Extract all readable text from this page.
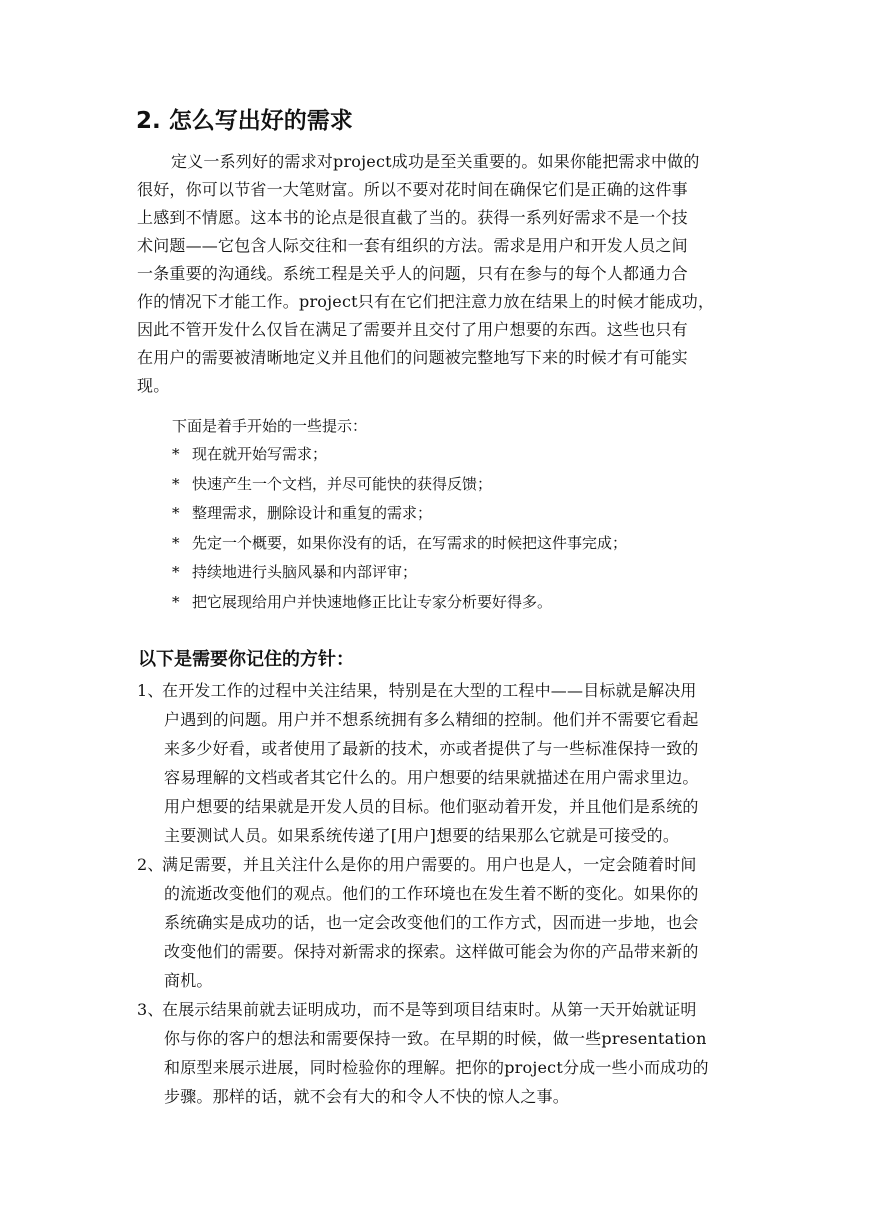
2. 怎么写出好的需求
定义一系列好的需求对project成功是至关重要的。如果你能把需求中做的
很好，你可以节省一大笔财富。所以不要对花时间在确保它们是正确的这件事
上感到不情愿。这本书的论点是很直截了当的。获得一系列好需求不是一个技
术问题——它包含人际交往和一套有组织的方法。需求是用户和开发人员之间
一条重要的沟通线。系统工程是关乎人的问题，只有在参与的每个人都通力合
作的情况下才能工作。project只有在它们把注意力放在结果上的时候才能成功，
因此不管开发什么仅旨在满足了需要并且交付了用户想要的东西。这些也只有
在用户的需要被清晰地定义并且他们的问题被完整地写下来的时候才有可能实
现。
下面是着手开始的一些提示：
* 现在就开始写需求；
* 快速产生一个文档，并尽可能快的获得反馈；
* 整理需求，删除设计和重复的需求；
* 先定一个概要，如果你没有的话，在写需求的时候把这件事完成；
* 持续地进行头脑风暴和内部评审；
* 把它展现给用户并快速地修正比让专家分析要好得多。
以下是需要你记住的方针：
1、
在开发工作的过程中关注结果，特别是在大型的工程中——目标就是解决用
户遇到的问题。用户并不想系统拥有多么精细的控制。他们并不需要它看起
来多少好看，或者使用了最新的技术，亦或者提供了与一些标准保持一致的
容易理解的文档或者其它什么的。用户想要的结果就描述在用户需求里边。
用户想要的结果就是开发人员的目标。他们驱动着开发，并且他们是系统的
主要测试人员。如果系统传递了[用户]想要的结果那么它就是可接受的。
2、
满足需要，并且关注什么是你的用户需要的。用户也是人，一定会随着时间
的流逝改变他们的观点。他们的工作环境也在发生着不断的变化。如果你的
系统确实是成功的话，也一定会改变他们的工作方式，因而进一步地，也会
改变他们的需要。保持对新需求的探索。这样做可能会为你的产品带来新的
商机。
3、
在展示结果前就去证明成功，而不是等到项目结束时。从第一天开始就证明
你与你的客户的想法和需要保持一致。在早期的时候，做一些presentation
和原型来展示进展，同时检验你的理解。把你的project分成一些小而成功的
步骤。那样的话，就不会有大的和令人不快的惊人之事。
